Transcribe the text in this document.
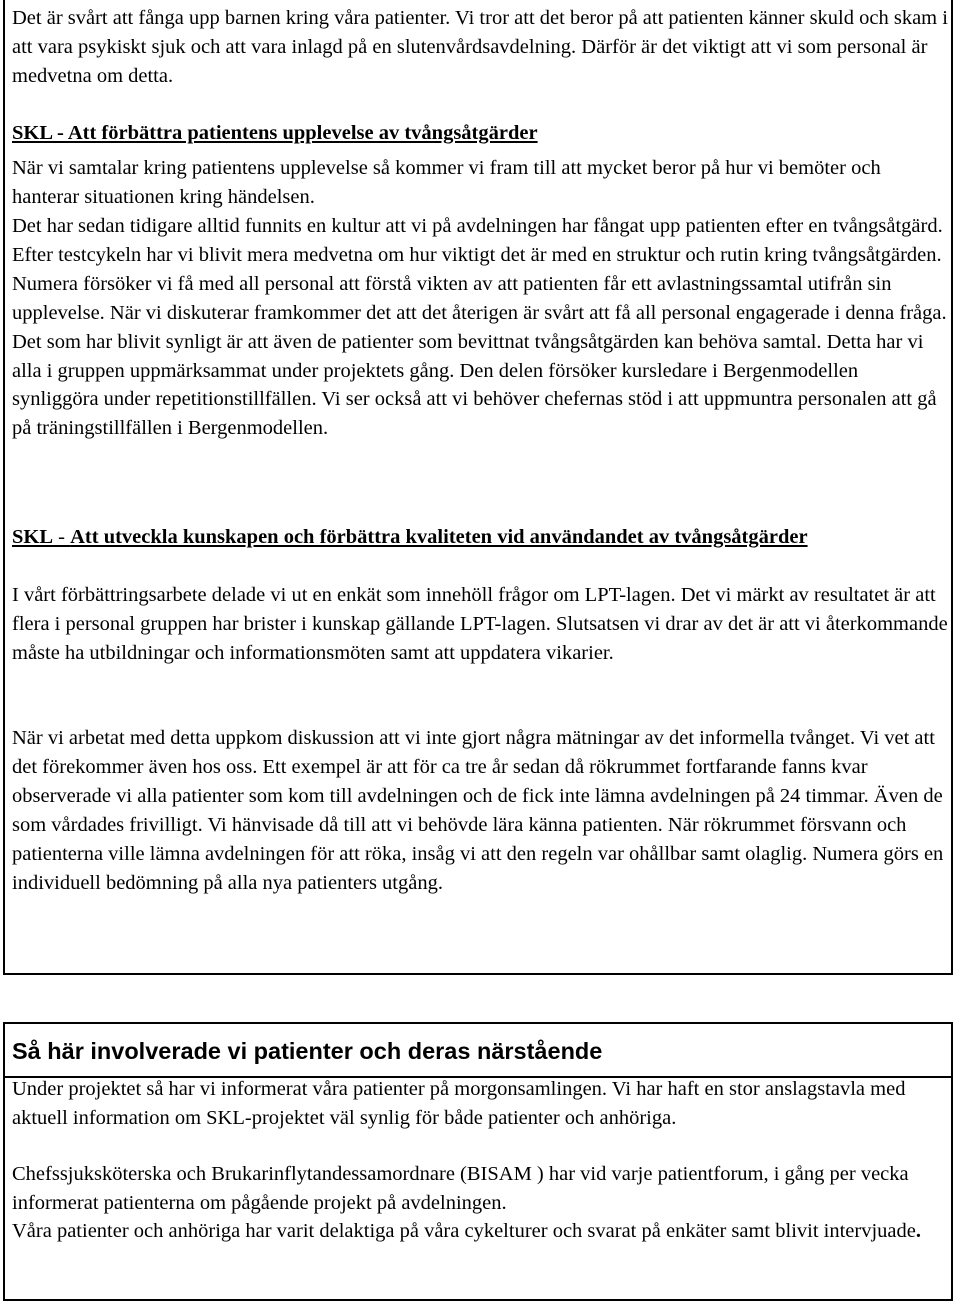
Det är svårt att fånga upp barnen kring våra patienter. Vi tror att det beror på att patienten känner skuld och skam i att vara psykiskt sjuk och att vara inlagd på en slutenvårdsavdelning. Därför är det viktigt att vi som personal är medvetna om detta.

SKL - Att förbättra patientens upplevelse av tvångsåtgärder

När vi samtalar kring patientens upplevelse så kommer vi fram till att mycket beror på hur vi bemöter och hanterar situationen kring händelsen.

Det har sedan tidigare alltid funnits en kultur att vi på avdelningen har fångat upp patienten efter en tvångsåtgärd. Efter testcykeln har vi blivit mera medvetna om hur viktigt det är med en struktur och rutin kring tvångsåtgärden. Numera försöker vi få med all personal att förstå vikten av att patienten får ett avlastningssamtal utifrån sin upplevelse. När vi diskuterar framkommer det att det återigen är svårt att få all personal engagerade i denna fråga. Det som har blivit synligt är att även de patienter som bevittnat tvångsåtgärden kan behöva samtal. Detta har vi alla i gruppen uppmärksammat under projektets gång. Den delen försöker kursledare i Bergenmodellen synliggöra under repetitionstillfällen. Vi ser också att vi behöver chefernas stöd i att uppmuntra personalen att gå på träningstillfällen i Bergenmodellen.

SKL - Att utveckla kunskapen och förbättra kvaliteten vid användandet av tvångsåtgärder

I vårt förbättringsarbete delade vi ut en enkät som innehöll frågor om LPT-lagen. Det vi märkt av resultatet är att flera i personal gruppen har brister i kunskap gällande LPT-lagen. Slutsatsen vi drar av det är att vi återkommande måste ha utbildningar och informationsmöten samt att uppdatera vikarier.

När vi arbetat med detta uppkom diskussion att vi inte gjort några mätningar av det informella tvånget. Vi vet att det förekommer även hos oss. Ett exempel är att för ca tre år sedan då rökrummet fortfarande fanns kvar observerade vi alla patienter som kom till avdelningen och de fick inte lämna avdelningen på 24 timmar. Även de som vårdades frivilligt. Vi hänvisade då till att vi behövde lära känna patienten. När rökrummet försvann och patienterna ville lämna avdelningen för att röka, insåg vi att den regeln var ohållbar samt olaglig. Numera görs en individuell bedömning på alla nya patienters utgång.

Så här involverade vi patienter och deras närstående

Under projektet så har vi informerat våra patienter på morgonsamlingen. Vi har haft en stor anslagstavla med aktuell information om SKL-projektet väl synlig för både patienter och anhöriga.

Chefssjuksköterska och Brukarinflytandessamordnare (BISAM ) har vid varje patientforum, i gång per vecka informerat patienterna om pågående projekt på avdelningen.

Våra patienter och anhöriga har varit delaktiga på våra cykelturer och svarat på enkäter samt blivit intervjuade.
